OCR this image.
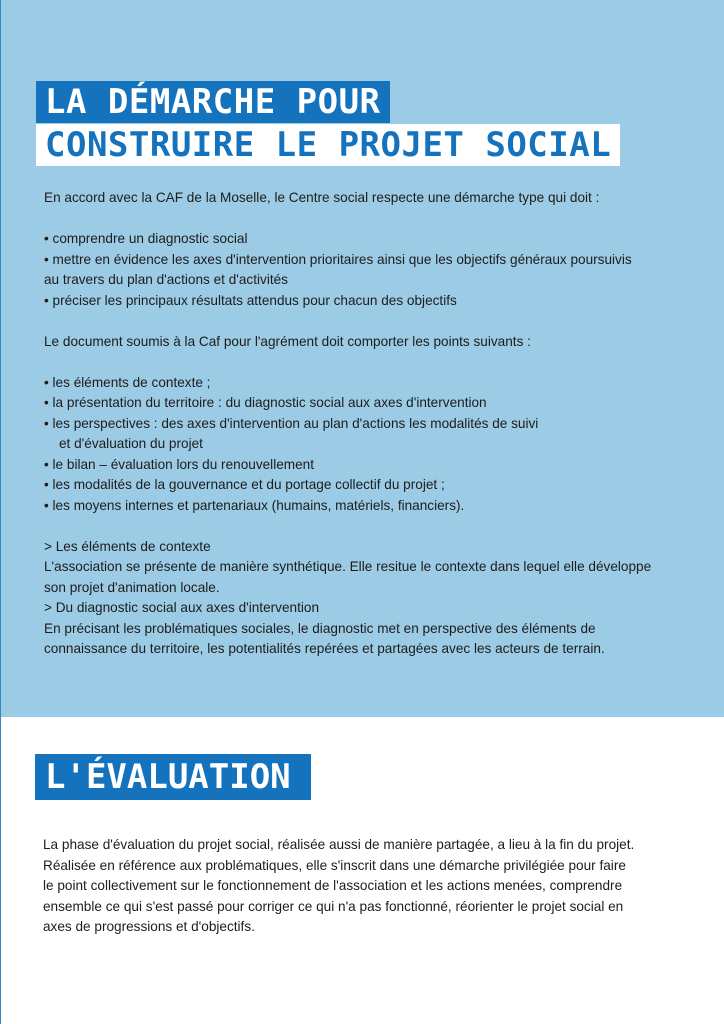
LA DÉMARCHE POUR
CONSTRUIRE LE PROJET SOCIAL

En accord avec la CAF de la Moselle, le Centre social respecte une démarche type qui doit :

• comprendre un diagnostic social

• mettre en évidence les axes d'intervention prioritaires ainsi que les objectifs généraux poursuivis

au travers du plan d'actions et d'activités

• préciser les principaux résultats attendus pour chacun des objectifs

Le document soumis à la Caf pour l'agrément doit comporter les points suivants :

• les éléments de contexte ;

• la présentation du territoire : du diagnostic social aux axes d'intervention

• les perspectives : des axes d'intervention au plan d'actions les modalités de suivi

et d'évaluation du projet

• le bilan – évaluation lors du renouvellement

• les modalités de la gouvernance et du portage collectif du projet ;

• les moyens internes et partenariaux (humains, matériels, financiers).

> Les éléments de contexte

L'association se présente de manière synthétique. Elle resitue le contexte dans lequel elle développe

son projet d'animation locale.

> Du diagnostic social aux axes d'intervention

En précisant les problématiques sociales, le diagnostic met en perspective des éléments de

connaissance du territoire, les potentialités repérées et partagées avec les acteurs de terrain.

L'ÉVALUATION

La phase d'évaluation du projet social, réalisée aussi de manière partagée, a lieu à la fin du projet.

Réalisée en référence aux problématiques, elle s'inscrit dans une démarche privilégiée pour faire

le point collectivement sur le fonctionnement de l'association et les actions menées, comprendre

ensemble ce qui s'est passé pour corriger ce qui n'a pas fonctionné, réorienter le projet social en

axes de progressions et d'objectifs.
